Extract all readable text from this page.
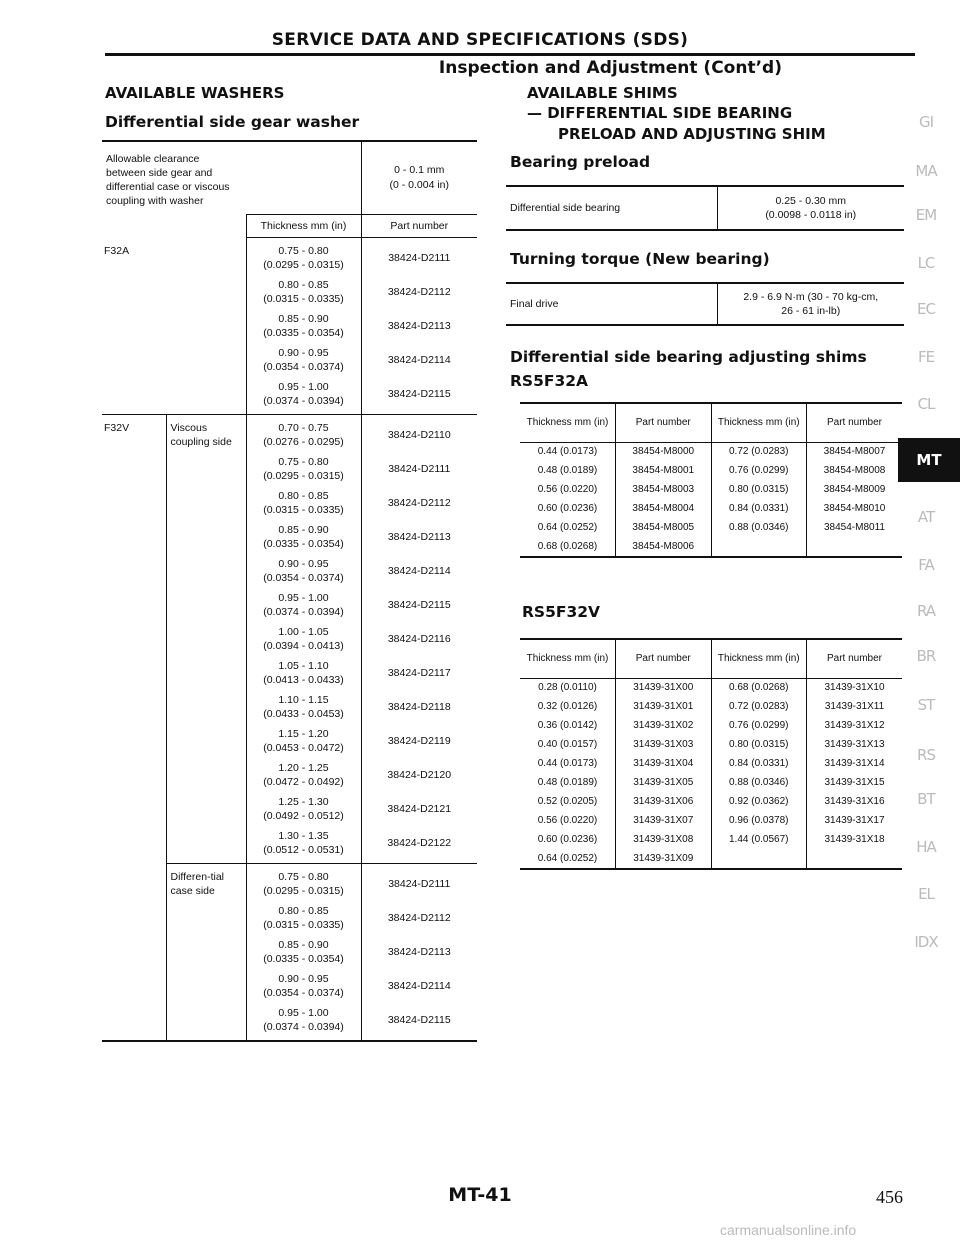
SERVICE DATA AND SPECIFICATIONS (SDS)
Inspection and Adjustment (Cont’d)
AVAILABLE WASHERS
Differential side gear washer
Allowable clearance between side gear and differential case or viscous coupling with washer			0 - 0.1 mm
(0 - 0.004 in)

		Thickness mm (in)	Part number
F32A		0.75 - 0.80
(0.0295 - 0.0315)	38424-D2111

		0.80 - 0.85
(0.0315 - 0.0335)	38424-D2112

		0.85 - 0.90
(0.0335 - 0.0354)	38424-D2113

		0.90 - 0.95
(0.0354 - 0.0374)	38424-D2114

		0.95 - 1.00
(0.0374 - 0.0394)	38424-D2115
F32V	Viscous coupling side	0.70 - 0.75
(0.0276 - 0.0295)	38424-D2110

		0.75 - 0.80
(0.0295 - 0.0315)	38424-D2111

		0.80 - 0.85
(0.0315 - 0.0335)	38424-D2112

		0.85 - 0.90
(0.0335 - 0.0354)	38424-D2113

		0.90 - 0.95
(0.0354 - 0.0374)	38424-D2114

		0.95 - 1.00
(0.0374 - 0.0394)	38424-D2115

		1.00 - 1.05
(0.0394 - 0.0413)	38424-D2116

		1.05 - 1.10
(0.0413 - 0.0433)	38424-D2117

		1.10 - 1.15
(0.0433 - 0.0453)	38424-D2118

		1.15 - 1.20
(0.0453 - 0.0472)	38424-D2119

		1.20 - 1.25
(0.0472 - 0.0492)	38424-D2120

		1.25 - 1.30
(0.0492 - 0.0512)	38424-D2121

		1.30 - 1.35
(0.0512 - 0.0531)	38424-D2122
	Differen-tial case side	0.75 - 0.80
(0.0295 - 0.0315)	38424-D2111

		0.80 - 0.85
(0.0315 - 0.0335)	38424-D2112

		0.85 - 0.90
(0.0335 - 0.0354)	38424-D2113

		0.90 - 0.95
(0.0354 - 0.0374)	38424-D2114

		0.95 - 1.00
(0.0374 - 0.0394)	38424-D2115
AVAILABLE SHIMS
— DIFFERENTIAL SIDE BEARING
PRELOAD AND ADJUSTING SHIM
Bearing preload
Differential side bearing	
0.25 - 0.30 mm
(0.0098 - 0.0118 in)
Turning torque (New bearing)
Final drive	
2.9 - 6.9 N·m (30 - 70 kg-cm,
26 - 61 in-lb)
Differential side bearing adjusting shims
RS5F32A
Thickness mm (in)	Part number	Thickness mm (in)	Part number
0.44 (0.0173)	38454-M8000	0.72 (0.0283)	38454-M8007
0.48 (0.0189)	38454-M8001	0.76 (0.0299)	38454-M8008
0.56 (0.0220)	38454-M8003	0.80 (0.0315)	38454-M8009
0.60 (0.0236)	38454-M8004	0.84 (0.0331)	38454-M8010
0.64 (0.0252)	38454-M8005	0.88 (0.0346)	38454-M8011
0.68 (0.0268)	38454-M8006		
RS5F32V
Thickness mm (in)	Part number	Thickness mm (in)	Part number
0.28 (0.0110)	31439-31X00	0.68 (0.0268)	31439-31X10
0.32 (0.0126)	31439-31X01	0.72 (0.0283)	31439-31X11
0.36 (0.0142)	31439-31X02	0.76 (0.0299)	31439-31X12
0.40 (0.0157)	31439-31X03	0.80 (0.0315)	31439-31X13
0.44 (0.0173)	31439-31X04	0.84 (0.0331)	31439-31X14
0.48 (0.0189)	31439-31X05	0.88 (0.0346)	31439-31X15
0.52 (0.0205)	31439-31X06	0.92 (0.0362)	31439-31X16
0.56 (0.0220)	31439-31X07	0.96 (0.0378)	31439-31X17
0.60 (0.0236)	31439-31X08	1.44 (0.0567)	31439-31X18
0.64 (0.0252)	31439-31X09		
GI
MA
EM
LC
EC
FE
CL
MT
AT
FA
RA
BR
ST
RS
BT
HA
EL
IDX
MT-41	456
carmanualsonline.info
